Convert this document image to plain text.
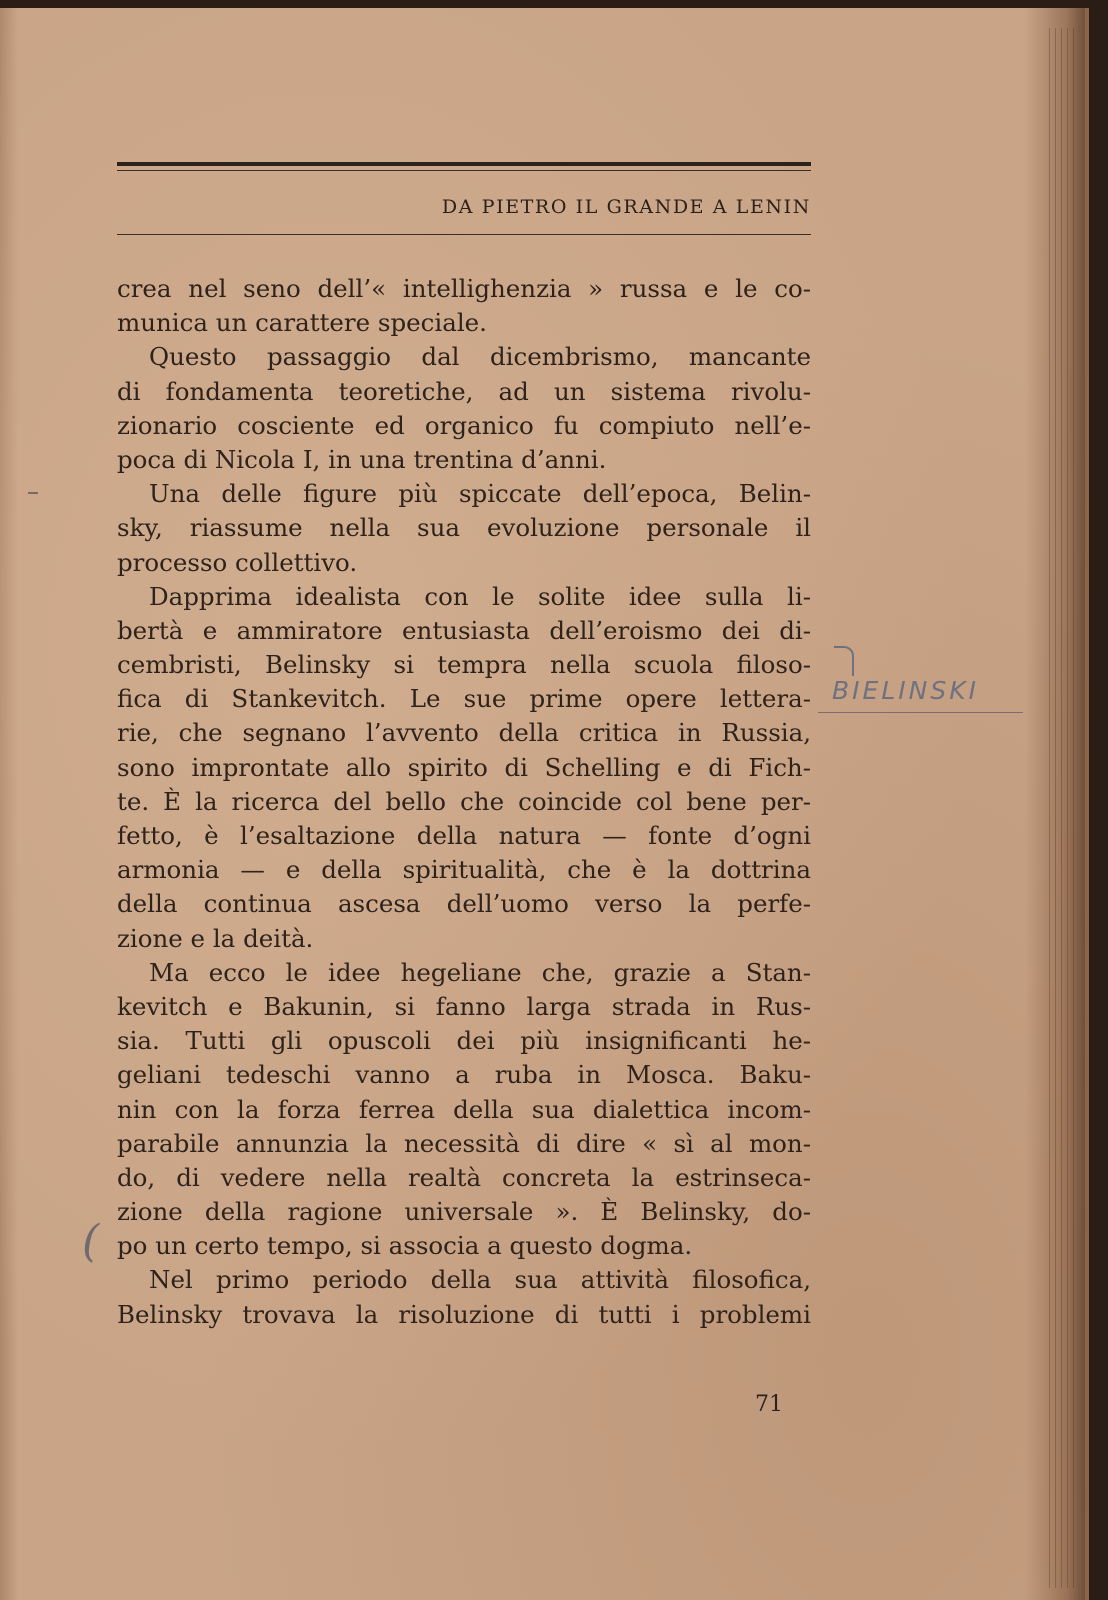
DA PIETRO IL GRANDE A LENIN
crea nel seno dell’« intellighenzia » russa e le co-
munica un carattere speciale.
Questo passaggio dal dicembrismo, mancante
di fondamenta teoretiche, ad un sistema rivolu-
zionario cosciente ed organico fu compiuto nell’e-
poca di Nicola I, in una trentina d’anni.
Una delle figure più spiccate dell’epoca, Belin-
sky, riassume nella sua evoluzione personale il
processo collettivo.
Dapprima idealista con le solite idee sulla li-
bertà e ammiratore entusiasta dell’eroismo dei di-
cembristi, Belinsky si tempra nella scuola filoso-
fica di Stankevitch. Le sue prime opere lettera-
rie, che segnano l’avvento della critica in Russia,
sono improntate allo spirito di Schelling e di Fich-
te. È la ricerca del bello che coincide col bene per-
fetto, è l’esaltazione della natura — fonte d’ogni
armonia — e della spiritualità, che è la dottrina
della continua ascesa dell’uomo verso la perfe-
zione e la deità.
Ma ecco le idee hegeliane che, grazie a Stan-
kevitch e Bakunin, si fanno larga strada in Rus-
sia. Tutti gli opuscoli dei più insignificanti he-
geliani tedeschi vanno a ruba in Mosca. Baku-
nin con la forza ferrea della sua dialettica incom-
parabile annunzia la necessità di dire « sì al mon-
do, di vedere nella realtà concreta la estrinseca-
zione della ragione universale ». È Belinsky, do-
po un certo tempo, si associa a questo dogma.
Nel primo periodo della sua attività filosofica,
Belinsky trovava la risoluzione di tutti i problemi
BIELINSKI
(
71
